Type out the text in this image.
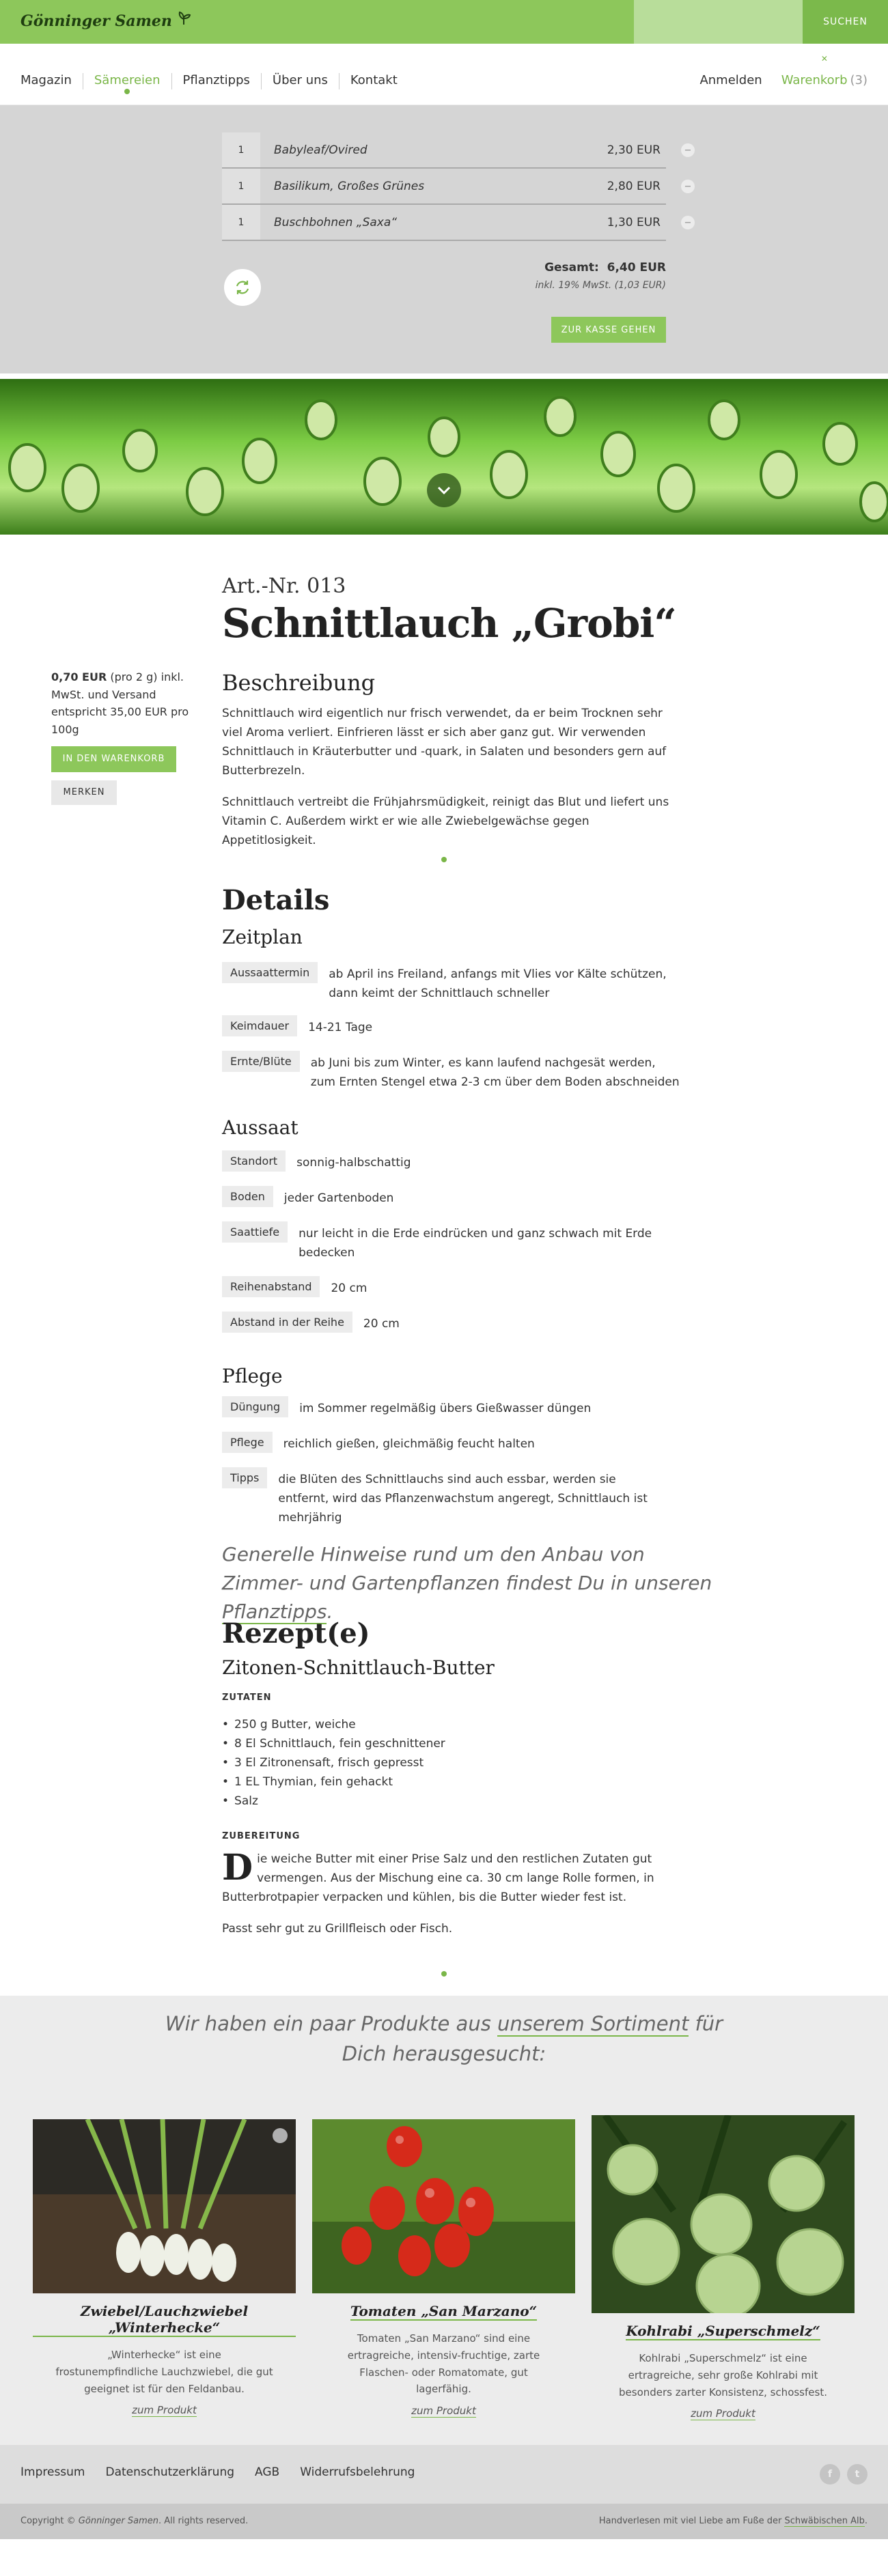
Gönninger Samen	SUCHEN
Magazin	Sämereien	Pflanztipps	Über uns	Kontakt	Anmelden Warenkorb (3)
✕
1	Babyleaf/Ovired	2,30 EUR	−
1	Basilikum, Großes Grünes	2,80 EUR	−
1	Buschbohnen „Saxa“	1,30 EUR	−
Gesamt: 6,40 EUR
inkl. 19% MwSt. (1,03 EUR)
ZUR KASSE GEHEN
Art.-Nr. 013
Schnittlauch „Grobi“
0,70 EUR (pro 2 g) inkl. MwSt. und Versand entspricht 35,00 EUR pro 100g
IN DEN WARENKORB
MERKEN
Beschreibung

Schnittlauch wird eigentlich nur frisch verwendet, da er beim Trocknen sehr viel Aroma verliert. Einfrieren lässt er sich aber ganz gut. Wir verwenden Schnittlauch in Kräuterbutter und -quark, in Salaten und besonders gern auf Butterbrezeln.

Schnittlauch vertreibt die Frühjahrsmüdigkeit, reinigt das Blut und liefert uns Vitamin C. Außerdem wirkt er wie alle Zwiebelgewächse gegen Appetitlosigkeit.

Details
Zeitplan
Aussaattermin	ab April ins Freiland, anfangs mit Vlies vor Kälte schützen, dann keimt der Schnittlauch schneller
Keimdauer	14-21 Tage
Ernte/Blüte	ab Juni bis zum Winter, es kann laufend nachgesät werden, zum Ernten Stengel etwa 2-3 cm über dem Boden abschneiden
Aussaat
Standort	sonnig-halbschattig
Boden	jeder Gartenboden
Saattiefe	nur leicht in die Erde eindrücken und ganz schwach mit Erde bedecken
Reihenabstand	20 cm
Abstand in der Reihe	20 cm
Pflege
Düngung	im Sommer regelmäßig übers Gießwasser düngen
Pflege	reichlich gießen, gleichmäßig feucht halten
Tipps	die Blüten des Schnittlauchs sind auch essbar, werden sie entfernt, wird das Pflanzenwachstum angeregt, Schnittlauch ist mehrjährig
Generelle Hinweise rund um den Anbau von Zimmer- und Gartenpflanzen findest Du in unseren Pflanztipps.
Rezept(e)
Zitonen-Schnittlauch-Butter
ZUTATEN
• 250 g Butter, weiche
• 8 El Schnittlauch, fein geschnittener
• 3 El Zitronensaft, frisch gepresst
• 1 EL Thymian, fein gehackt
• Salz
ZUBEREITUNG

Die weiche Butter mit einer Prise Salz und den restlichen Zutaten gut vermengen. Aus der Mischung eine ca. 30 cm lange Rolle formen, in Butterbrotpapier verpacken und kühlen, bis die Butter wieder fest ist.

Passt sehr gut zu Grillfleisch oder Fisch.

Wir haben ein paar Produkte aus unserem Sortiment für Dich herausgesucht:
Zwiebel/Lauchzwiebel „Winterhecke“
„Winterhecke“ ist eine frostunempfindliche Lauchzwiebel, die gut geeignet ist für den Feldanbau.
zum Produkt
Tomaten „San Marzano“
Tomaten „San Marzano“ sind eine ertragreiche, intensiv-fruchtige, zarte Flaschen- oder Romatomate, gut lagerfähig.
zum Produkt
Kohlrabi „Superschmelz“
Kohlrabi „Superschmelz“ ist eine ertragreiche, sehr große Kohlrabi mit besonders zarter Konsistenz, schossfest.
zum Produkt
Impressum Datenschutzerklärung AGB Widerrufsbelehrung	f	t
Copyright © Gönninger Samen. All rights reserved.	Handverlesen mit viel Liebe am Fuße der Schwäbischen Alb.
